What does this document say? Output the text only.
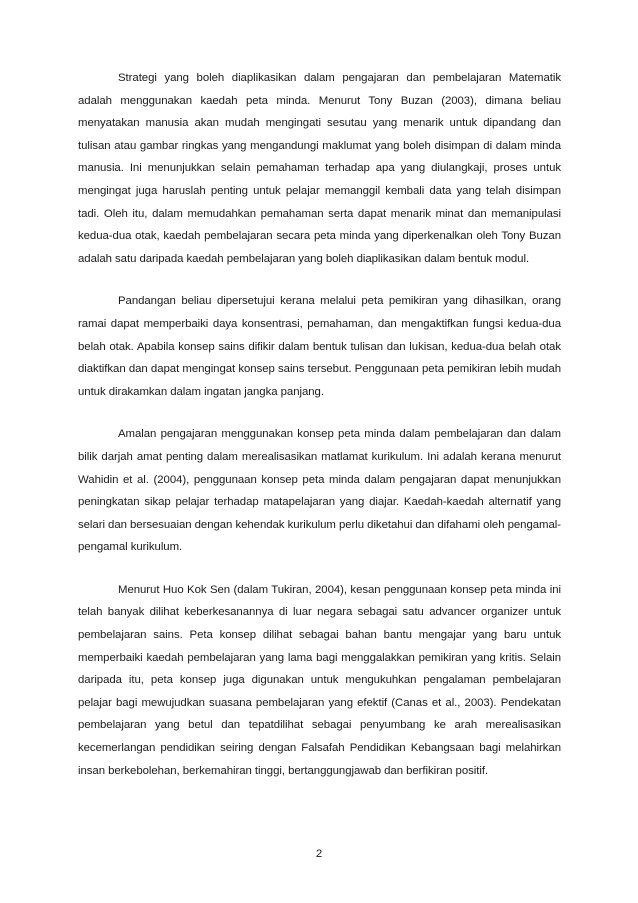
Strategi yang boleh diaplikasikan dalam pengajaran dan pembelajaran Matematik adalah menggunakan kaedah peta minda. Menurut Tony Buzan (2003), dimana beliau menyatakan manusia akan mudah mengingati sesutau yang menarik untuk dipandang dan tulisan atau gambar ringkas yang mengandungi maklumat yang boleh disimpan di dalam minda manusia. Ini menunjukkan selain pemahaman terhadap apa yang diulangkaji, proses untuk mengingat juga haruslah penting untuk pelajar memanggil kembali data yang telah disimpan tadi. Oleh itu, dalam memudahkan pemahaman serta dapat menarik minat dan memanipulasi kedua-dua otak, kaedah pembelajaran secara peta minda yang diperkenalkan oleh Tony Buzan adalah satu daripada kaedah pembelajaran yang boleh diaplikasikan dalam bentuk modul.

Pandangan beliau dipersetujui kerana melalui peta pemikiran yang dihasilkan, orang ramai dapat memperbaiki daya konsentrasi, pemahaman, dan mengaktifkan fungsi kedua-dua belah otak. Apabila konsep sains difikir dalam bentuk tulisan dan lukisan, kedua-dua belah otak diaktifkan dan dapat mengingat konsep sains tersebut. Penggunaan peta pemikiran lebih mudah untuk dirakamkan dalam ingatan jangka panjang.

Amalan pengajaran menggunakan konsep peta minda dalam pembelajaran dan dalam bilik darjah amat penting dalam merealisasikan matlamat kurikulum. Ini adalah kerana menurut Wahidin et al. (2004), penggunaan konsep peta minda dalam pengajaran dapat menunjukkan peningkatan sikap pelajar terhadap matapelajaran yang diajar. Kaedah-kaedah alternatif yang selari dan bersesuaian dengan kehendak kurikulum perlu diketahui dan difahami oleh pengamal-pengamal kurikulum.

Menurut Huo Kok Sen (dalam Tukiran, 2004), kesan penggunaan konsep peta minda ini telah banyak dilihat keberkesanannya di luar negara sebagai satu advancer organizer untuk pembelajaran sains. Peta konsep dilihat sebagai bahan bantu mengajar yang baru untuk memperbaiki kaedah pembelajaran yang lama bagi menggalakkan pemikiran yang kritis. Selain daripada itu, peta konsep juga digunakan untuk mengukuhkan pengalaman pembelajaran pelajar bagi mewujudkan suasana pembelajaran yang efektif (Canas et al., 2003). Pendekatan pembelajaran yang betul dan tepatdilihat sebagai penyumbang ke arah merealisasikan kecemerlangan pendidikan seiring dengan Falsafah Pendidikan Kebangsaan bagi melahirkan insan berkebolehan, berkemahiran tinggi, bertanggungjawab dan berfikiran positif.

2
